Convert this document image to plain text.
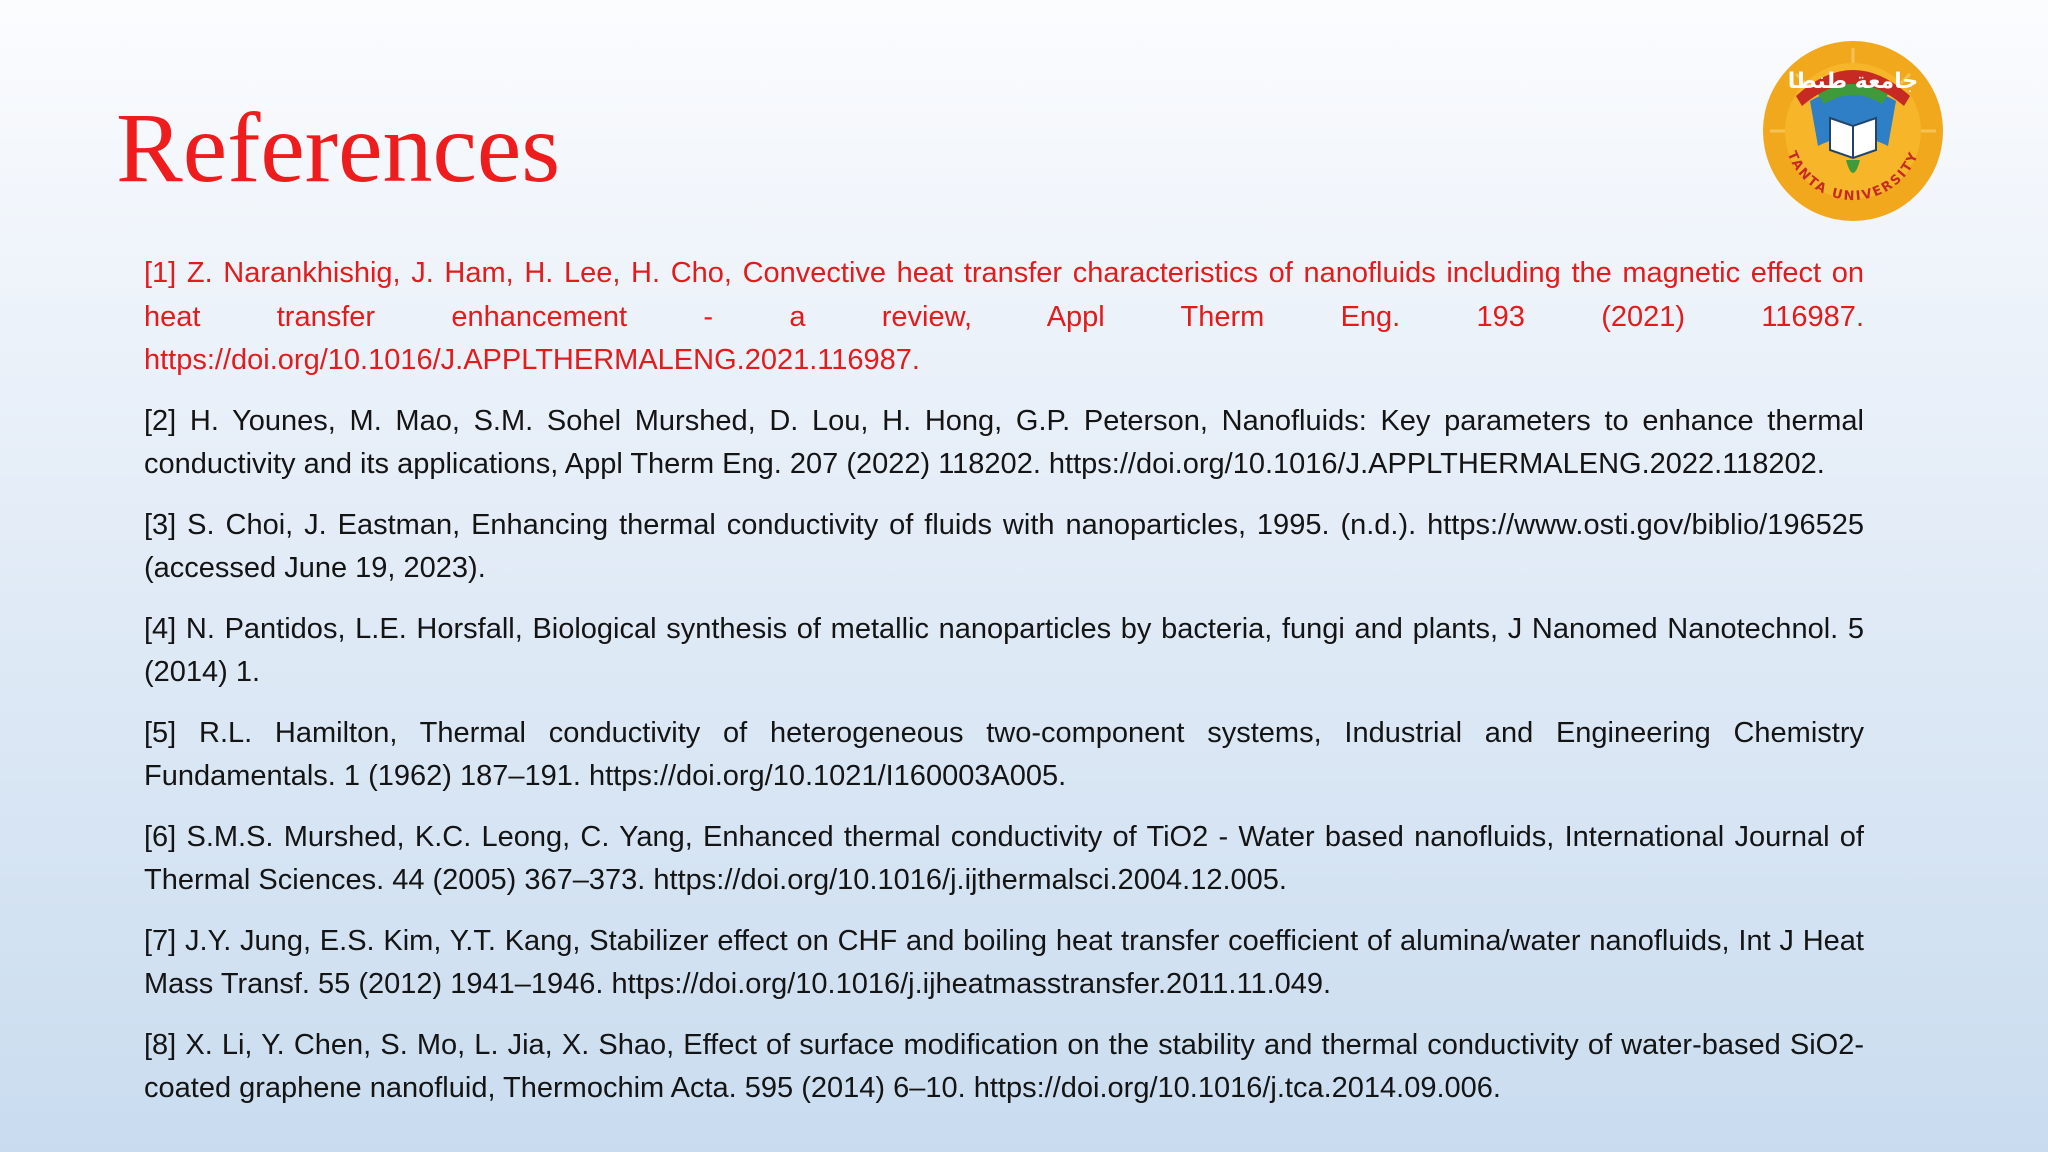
References
جامعة طنطا
TANTA UNIVERSITY
[1] Z. Narankhishig, J. Ham, H. Lee, H. Cho, Convective heat transfer characteristics of nanofluids including the magnetic effect on heat transfer enhancement - a review, Appl Therm Eng. 193 (2021) 116987. https://doi.org/10.1016/J.APPLTHERMALENG.2021.116987.
[2] H. Younes, M. Mao, S.M. Sohel Murshed, D. Lou, H. Hong, G.P. Peterson, Nanofluids: Key parameters to enhance thermal conductivity and its applications, Appl Therm Eng. 207 (2022) 118202. https://doi.org/10.1016/J.APPLTHERMALENG.2022.118202.
[3] S. Choi, J. Eastman, Enhancing thermal conductivity of fluids with nanoparticles, 1995. (n.d.). https://www.osti.gov/biblio/196525 (accessed June 19, 2023).
[4] N. Pantidos, L.E. Horsfall, Biological synthesis of metallic nanoparticles by bacteria, fungi and plants, J Nanomed Nanotechnol. 5 (2014) 1.
[5] R.L. Hamilton, Thermal conductivity of heterogeneous two-component systems, Industrial and Engineering Chemistry Fundamentals. 1 (1962) 187–191. https://doi.org/10.1021/I160003A005.
[6] S.M.S. Murshed, K.C. Leong, C. Yang, Enhanced thermal conductivity of TiO2 - Water based nanofluids, International Journal of Thermal Sciences. 44 (2005) 367–373. https://doi.org/10.1016/j.ijthermalsci.2004.12.005.
[7] J.Y. Jung, E.S. Kim, Y.T. Kang, Stabilizer effect on CHF and boiling heat transfer coefficient of alumina/water nanofluids, Int J Heat Mass Transf. 55 (2012) 1941–1946. https://doi.org/10.1016/j.ijheatmasstransfer.2011.11.049.
[8] X. Li, Y. Chen, S. Mo, L. Jia, X. Shao, Effect of surface modification on the stability and thermal conductivity of water-based SiO2-coated graphene nanofluid, Thermochim Acta. 595 (2014) 6–10. https://doi.org/10.1016/j.tca.2014.09.006.
